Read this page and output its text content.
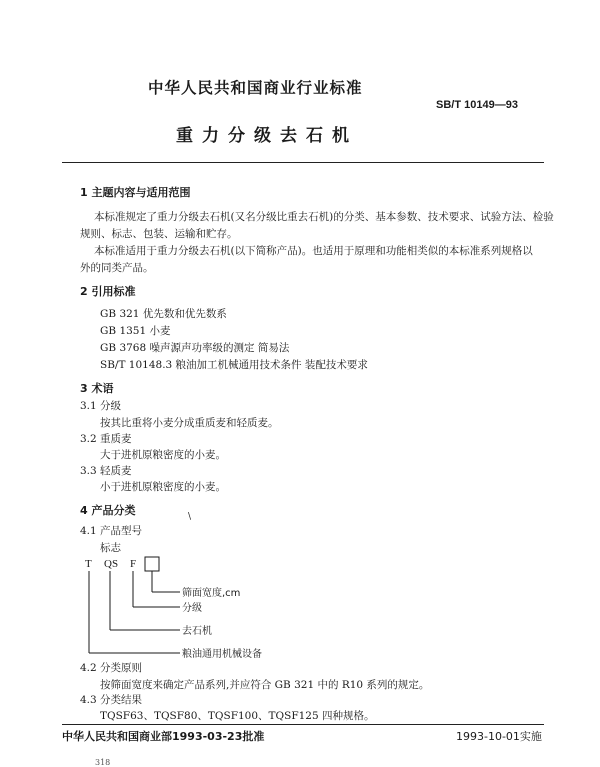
中华人民共和国商业行业标准
SB/T 10149—93
重力分级去石机
1 主题内容与适用范围
本标准规定了重力分级去石机(又名分级比重去石机)的分类、基本参数、技术要求、试验方法、检验
规则、标志、包装、运输和贮存。
本标准适用于重力分级去石机(以下简称产品)。也适用于原理和功能相类似的本标准系列规格以
外的同类产品。
2 引用标准
GB 321 优先数和优先数系
GB 1351 小麦
GB 3768 噪声源声功率级的测定 简易法
SB/T 10148.3 粮油加工机械通用技术条件 装配技术要求
3 术语
3.1 分级
按其比重将小麦分成重质麦和轻质麦。
3.2 重质麦
大于进机原粮密度的小麦。
3.3 轻质麦
小于进机原粮密度的小麦。
4 产品分类	\
4.1 产品型号
标志
T QS F
筛面宽度,cm
分级
去石机
粮油通用机械设备
4.2 分类原则
按筛面宽度来确定产品系列,并应符合 GB 321 中的 R10 系列的规定。
4.3 分类结果
TQSF63、TQSF80、TQSF100、TQSF125 四种规格。
中华人民共和国商业部1993-03-23批准	1993-10-01实施
318
